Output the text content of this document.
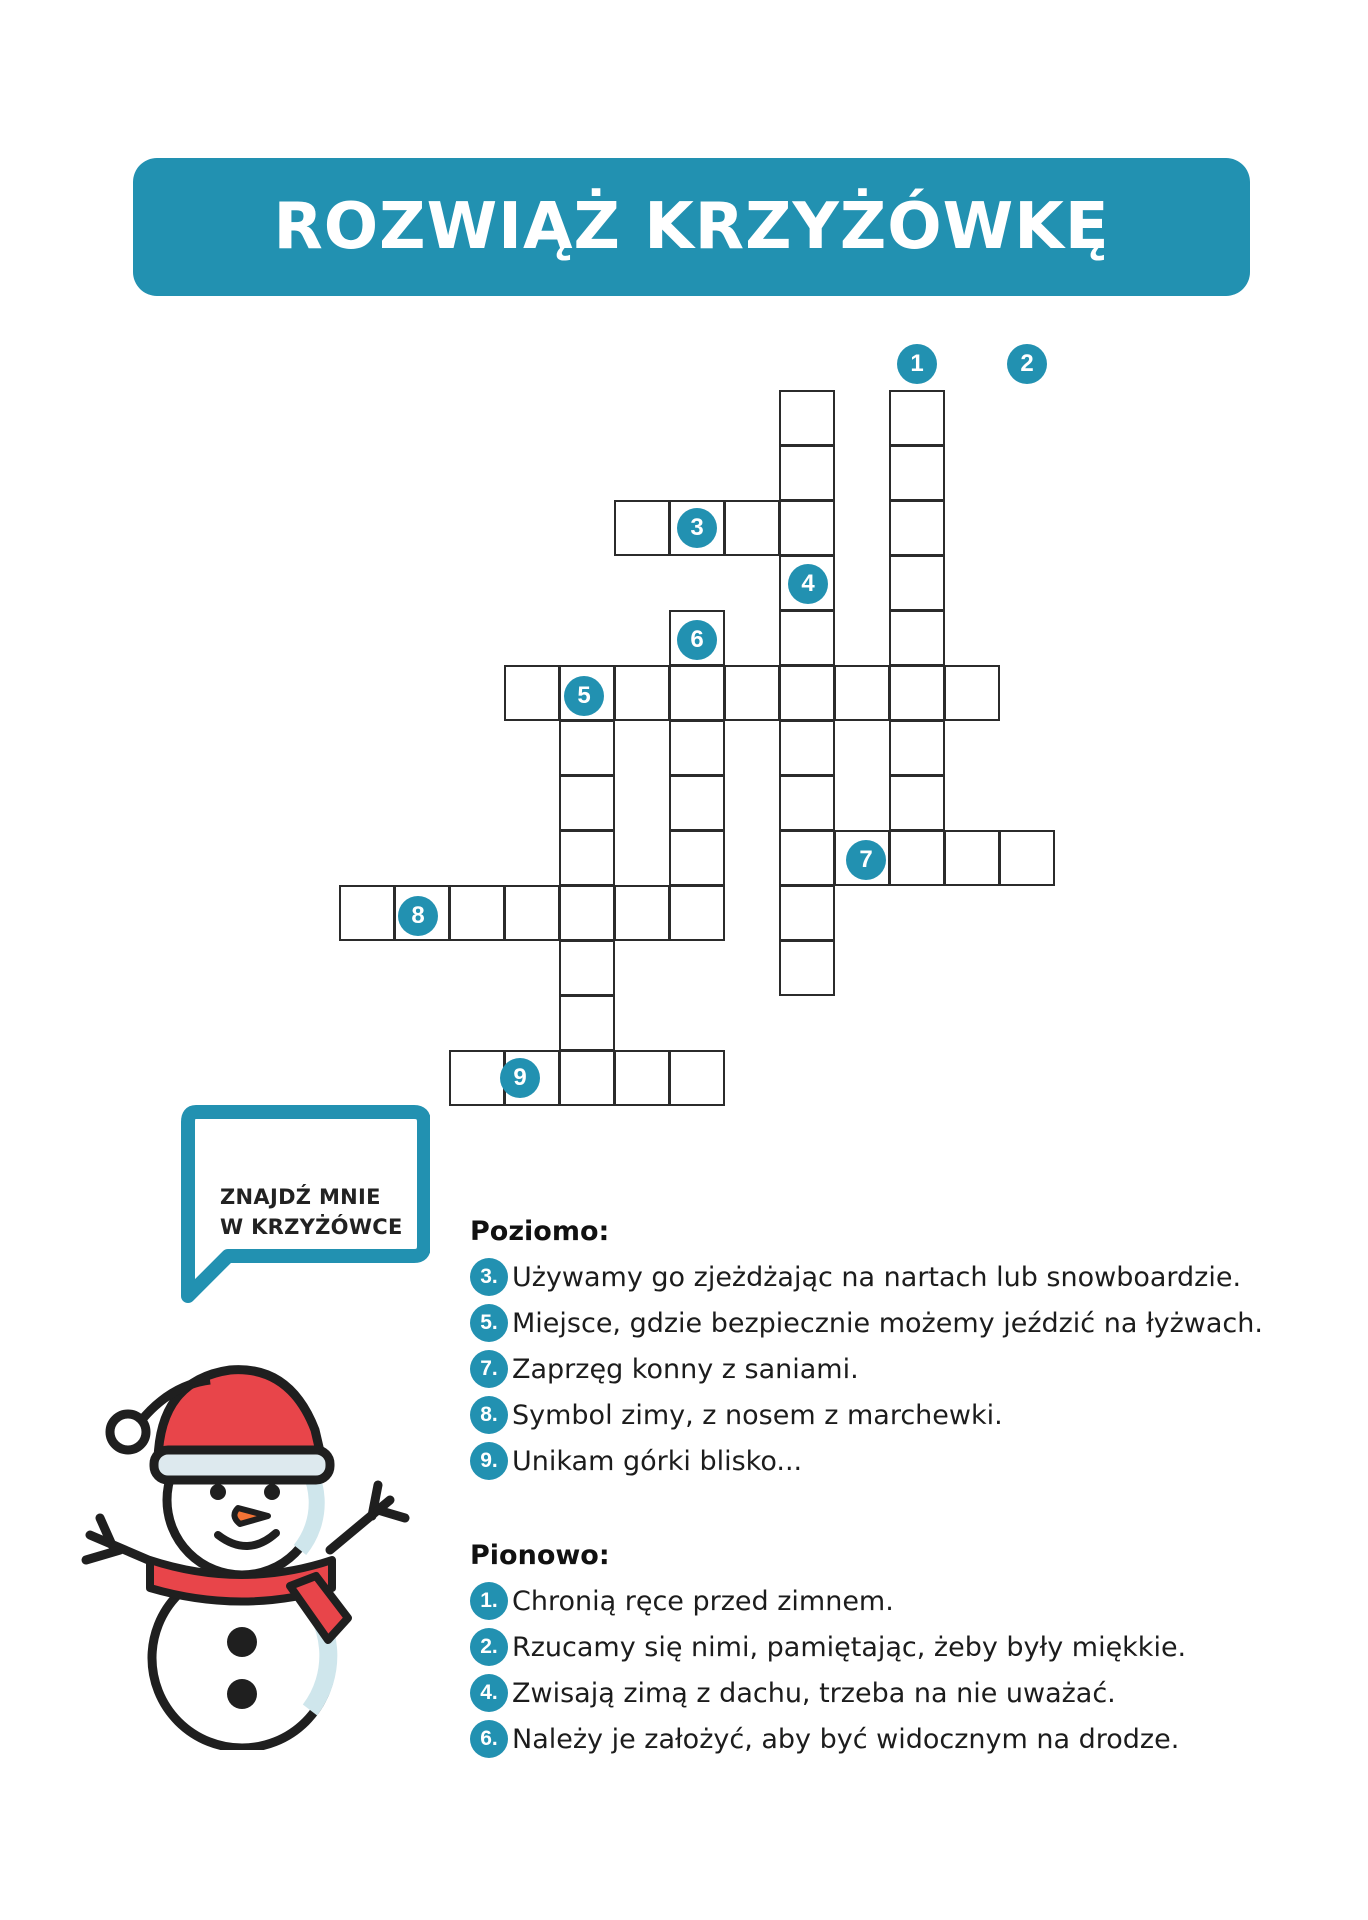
ROZWIĄŻ KRZYŻÓWKĘ
1	2
3
4
5
6
7
8
9
ZNAJDŹ MNIE
W KRZYŻÓWCE	Poziomo:
3. Używamy go zjeżdżając na nartach lub snowboardzie.
5. Miejsce, gdzie bezpiecznie możemy jeździć na łyżwach.
7. Zaprzęg konny z saniami.
8. Symbol zimy, z nosem z marchewki.
9. Unikam górki blisko...
Pionowo:
1. Chronią ręce przed zimnem.
2. Rzucamy się nimi, pamiętając, żeby były miękkie.
4. Zwisają zimą z dachu, trzeba na nie uważać.
6. Należy je założyć, aby być widocznym na drodze.
